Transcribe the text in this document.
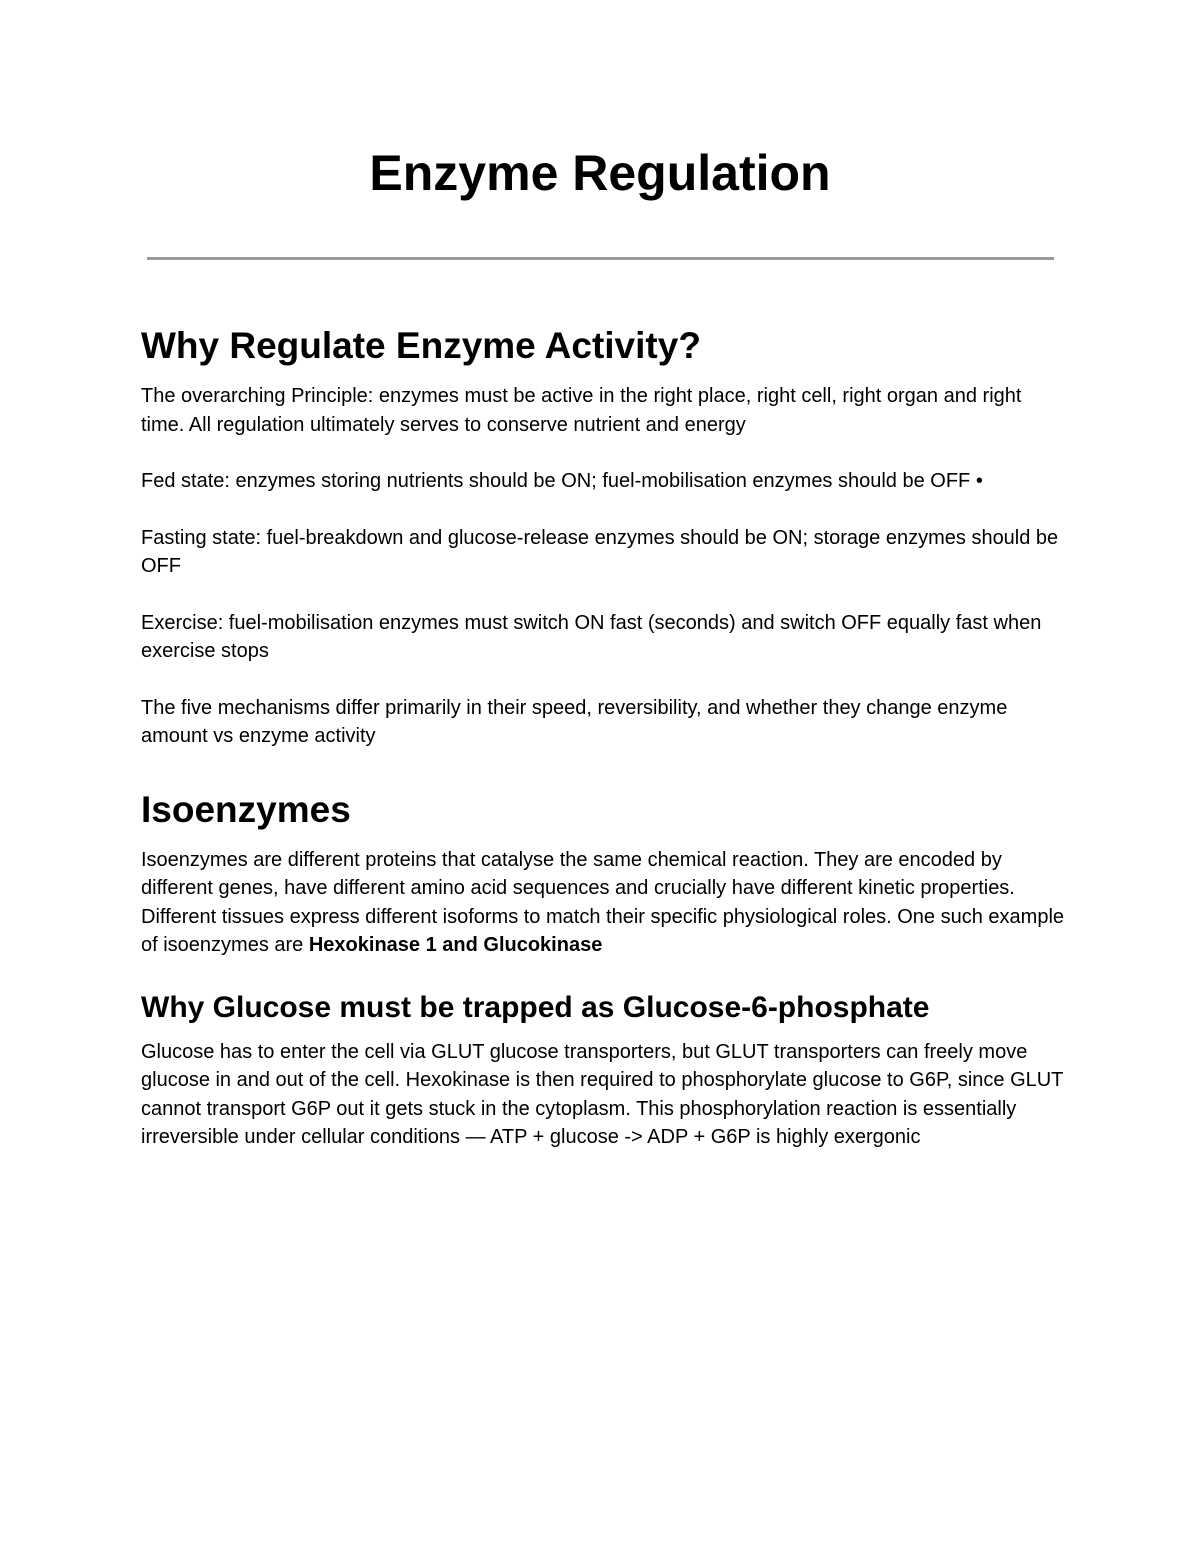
Enzyme Regulation
Why Regulate Enzyme Activity?

The overarching Principle: enzymes must be active in the right place, right cell, right organ and right time. All regulation ultimately serves to conserve nutrient and energy

Fed state: enzymes storing nutrients should be ON; fuel-mobilisation enzymes should be OFF •

Fasting state: fuel-breakdown and glucose-release enzymes should be ON; storage enzymes should be OFF

Exercise: fuel-mobilisation enzymes must switch ON fast (seconds) and switch OFF equally fast when exercise stops

The five mechanisms differ primarily in their speed, reversibility, and whether they change enzyme amount vs enzyme activity

Isoenzymes

Isoenzymes are different proteins that catalyse the same chemical reaction. They are encoded by different genes, have different amino acid sequences and crucially have different kinetic properties. Different tissues express different isoforms to match their specific physiological roles. One such example of isoenzymes are Hexokinase 1 and Glucokinase

Why Glucose must be trapped as Glucose-6-phosphate

Glucose has to enter the cell via GLUT glucose transporters, but GLUT transporters can freely move glucose in and out of the cell. Hexokinase is then required to phosphorylate glucose to G6P, since GLUT cannot transport G6P out it gets stuck in the cytoplasm. This phosphorylation reaction is essentially irreversible under cellular conditions — ATP + glucose -> ADP + G6P is highly exergonic
